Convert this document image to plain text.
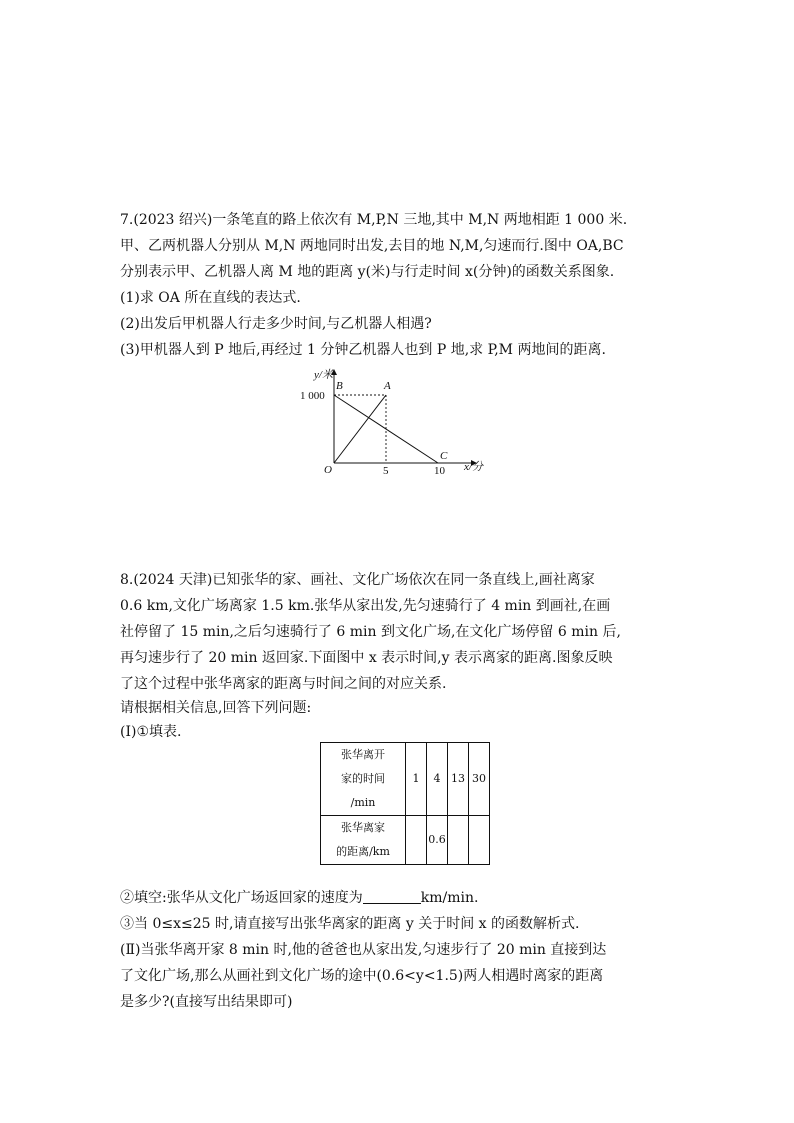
7.(2023 绍兴)一条笔直的路上依次有 M,P,N 三地,其中 M,N 两地相距 1 000 米.
甲、乙两机器人分别从 M,N 两地同时出发,去目的地 N,M,匀速而行.图中 OA,BC
分别表示甲、乙机器人离 M 地的距离 y(米)与行走时间 x(分钟)的函数关系图象.
(1)求 OA 所在直线的表达式.
(2)出发后甲机器人行走多少时间,与乙机器人相遇?
(3)甲机器人到 P 地后,再经过 1 分钟乙机器人也到 P 地,求 P,M 两地间的距离.
5	10
1 000
A
B
C
y/米
x/分
O
8.(2024 天津)已知张华的家、画社、文化广场依次在同一条直线上,画社离家
0.6 km,文化广场离家 1.5 km.张华从家出发,先匀速骑行了 4 min 到画社,在画
社停留了 15 min,之后匀速骑行了 6 min 到文化广场,在文化广场停留 6 min 后,
再匀速步行了 20 min 返回家.下面图中 x 表示时间,y 表示离家的距离.图象反映
了这个过程中张华离家的距离与时间之间的对应关系.
请根据相关信息,回答下列问题:
(Ⅰ)①填表.
张华离开
家的时间
/min	1	4	13	30

张华离家
的距离/km		0.6		
②填空:张华从文化广场返回家的速度为	km/min.
③当 0≤x≤25 时,请直接写出张华离家的距离 y 关于时间 x 的函数解析式.
(Ⅱ)当张华离开家 8 min 时,他的爸爸也从家出发,匀速步行了 20 min 直接到达
了文化广场,那么从画社到文化广场的途中(0.6<y<1.5)两人相遇时离家的距离
是多少?(直接写出结果即可)
